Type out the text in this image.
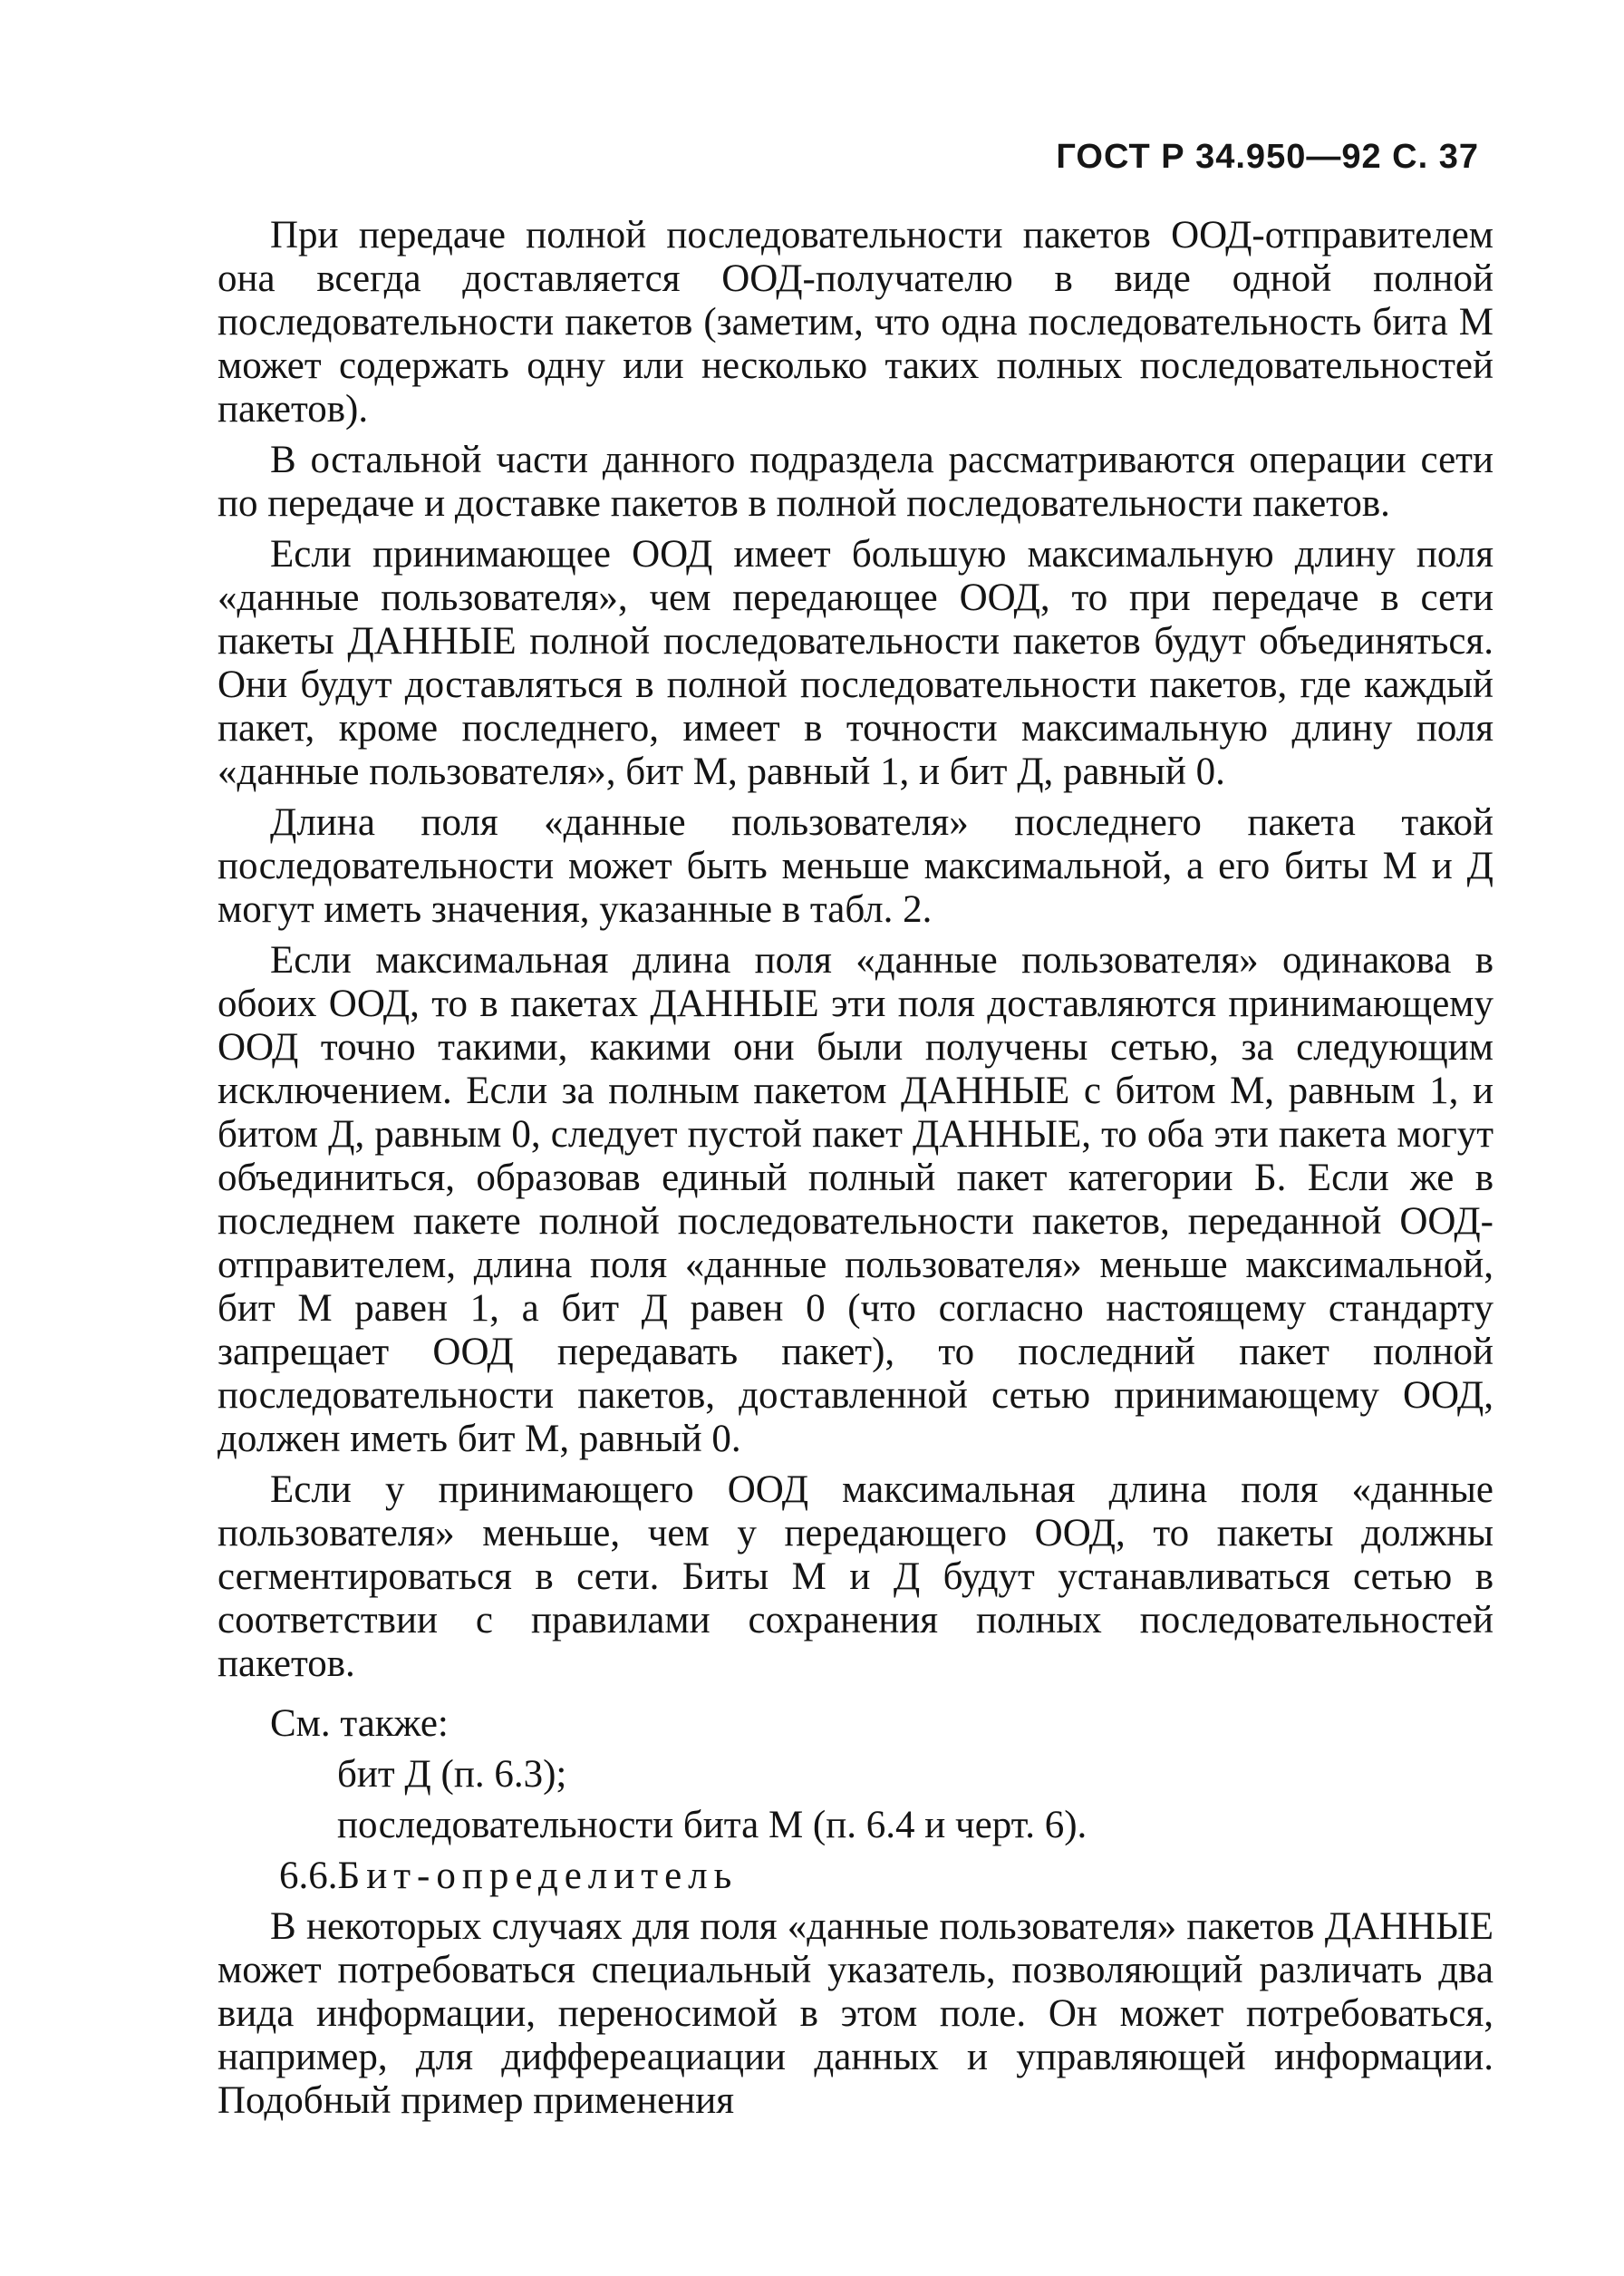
ГОСТ Р 34.950—92 С. 37

При передаче полной последовательности пакетов ООД-отправителем она всегда доставляется ООД-получателю в виде одной полной последовательности пакетов (заметим, что одна последовательность бита М может содержать одну или несколько таких полных последовательностей пакетов).

В остальной части данного подраздела рассматриваются операции сети по передаче и доставке пакетов в полной последовательности пакетов.

Если принимающее ООД имеет большую максимальную длину поля «данные пользователя», чем передающее ООД, то при передаче в сети пакеты ДАННЫЕ полной последовательности пакетов будут объединяться. Они будут доставляться в полной последовательности пакетов, где каждый пакет, кроме последнего, имеет в точности максимальную длину поля «данные пользователя», бит М, равный 1, и бит Д, равный 0.

Длина поля «данные пользователя» последнего пакета такой последовательности может быть меньше максимальной, а его биты М и Д могут иметь значения, указанные в табл. 2.

Если максимальная длина поля «данные пользователя» одинакова в обоих ООД, то в пакетах ДАННЫЕ эти поля доставляются принимающему ООД точно такими, какими они были получены сетью, за следующим исключением. Если за полным пакетом ДАННЫЕ с битом М, равным 1, и битом Д, равным 0, следует пустой пакет ДАННЫЕ, то оба эти пакета могут объединиться, образовав единый полный пакет категории Б. Если же в последнем пакете полной последовательности пакетов, переданной ООД-отправителем, длина поля «данные пользователя» меньше максимальной, бит М равен 1, а бит Д равен 0 (что согласно настоящему стандарту запрещает ООД передавать пакет), то последний пакет полной последовательности пакетов, доставленной сетью принимающему ООД, должен иметь бит М, равный 0.

Если у принимающего ООД максимальная длина поля «данные пользователя» меньше, чем у передающего ООД, то пакеты должны сегментироваться в сети. Биты М и Д будут устанавливаться сетью в соответствии с правилами сохранения полных последовательностей пакетов.

См. также:
бит Д (п. 6.3);
последовательности бита М (п. 6.4 и черт. 6).
6.6.Бит-определитель

В некоторых случаях для поля «данные пользователя» пакетов ДАННЫЕ может потребоваться специальный указатель, позволяющий различать два вида информации, переносимой в этом поле. Он может потребоваться, например, для диффереациации данных и управляющей информации. Подобный пример применения
